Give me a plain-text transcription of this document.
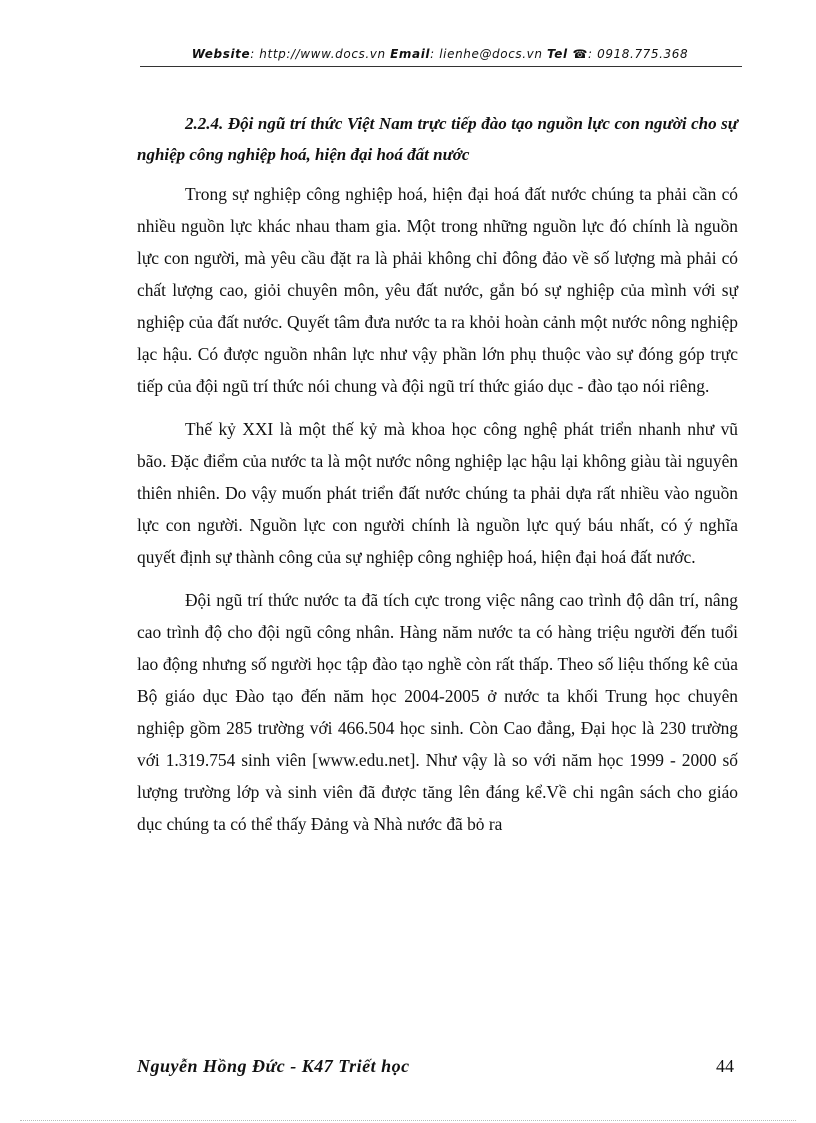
Website: http://www.docs.vn Email: lienhe@docs.vn Tel ☎: 0918.775.368

2.2.4. Đội ngũ trí thức Việt Nam trực tiếp đào tạo nguồn lực con người cho sự nghiệp công nghiệp hoá, hiện đại hoá đất nước

Trong sự nghiệp công nghiệp hoá, hiện đại hoá đất nước chúng ta phải cần có nhiều nguồn lực khác nhau tham gia. Một trong những nguồn lực đó chính là nguồn lực con người, mà yêu cầu đặt ra là phải không chỉ đông đảo về số lượng mà phải có chất lượng cao, giỏi chuyên môn, yêu đất nước, gắn bó sự nghiệp của mình với sự nghiệp của đất nước. Quyết tâm đưa nước ta ra khỏi hoàn cảnh một nước nông nghiệp lạc hậu. Có được nguồn nhân lực như vậy phần lớn phụ thuộc vào sự đóng góp trực tiếp của đội ngũ trí thức nói chung và đội ngũ trí thức giáo dục - đào tạo nói riêng.

Thế kỷ XXI là một thế kỷ mà khoa học công nghệ phát triển nhanh như vũ bão. Đặc điểm của nước ta là một nước nông nghiệp lạc hậu lại không giàu tài nguyên thiên nhiên. Do vậy muốn phát triển đất nước chúng ta phải dựa rất nhiều vào nguồn lực con người. Nguồn lực con người chính là nguồn lực quý báu nhất, có ý nghĩa quyết định sự thành công của sự nghiệp công nghiệp hoá, hiện đại hoá đất nước.

Đội ngũ trí thức nước ta đã tích cực trong việc nâng cao trình độ dân trí, nâng cao trình độ cho đội ngũ công nhân. Hàng năm nước ta có hàng triệu người đến tuổi lao động nhưng số người học tập đào tạo nghề còn rất thấp. Theo số liệu thống kê của Bộ giáo dục Đào tạo đến năm học 2004-2005 ở nước ta khối Trung học chuyên nghiệp gồm 285 trường với 466.504 học sinh. Còn Cao đẳng, Đại học là 230 trường với 1.319.754 sinh viên [www.edu.net]. Như vậy là so với năm học 1999 - 2000 số lượng trường lớp và sinh viên đã được tăng lên đáng kể.Về chi ngân sách cho giáo dục chúng ta có thể thấy Đảng và Nhà nước đã bỏ ra

Nguyễn Hồng Đức - K47 Triết học	44
